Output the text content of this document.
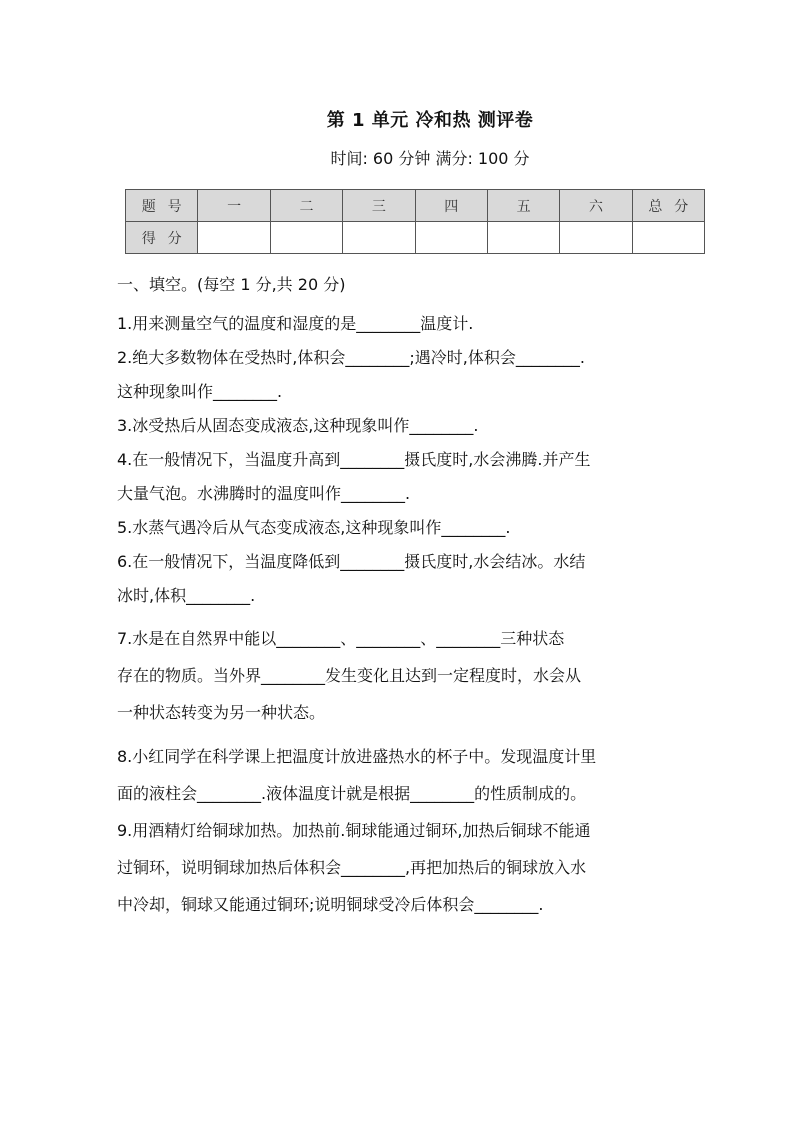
第 1 单元 冷和热 测评卷
时间: 60 分钟 满分: 100 分
题号	一	二	三	四	五	六	总分
得分							
一、填空。(每空 1 分,共 20 分)
1.用来测量空气的温度和湿度的是________温度计.
2.绝大多数物体在受热时,体积会________;遇冷时,体积会________.
这种现象叫作________.
3.冰受热后从固态变成液态,这种现象叫作________.
4.在一般情况下，当温度升高到________摄氏度时,水会沸腾.并产生
大量气泡。水沸腾时的温度叫作________.
5.水蒸气遇冷后从气态变成液态,这种现象叫作________.
6.在一般情况下，当温度降低到________摄氏度时,水会结冰。水结
冰时,体积________.
7.水是在自然界中能以________、________、________三种状态
存在的物质。当外界________发生变化且达到一定程度时，水会从
一种状态转变为另一种状态。
8.小红同学在科学课上把温度计放进盛热水的杯子中。发现温度计里
面的液柱会________.液体温度计就是根据________的性质制成的。
9.用酒精灯给铜球加热。加热前.铜球能通过铜环,加热后铜球不能通
过铜环，说明铜球加热后体积会________,再把加热后的铜球放入水
中冷却，铜球又能通过铜环;说明铜球受冷后体积会________.
